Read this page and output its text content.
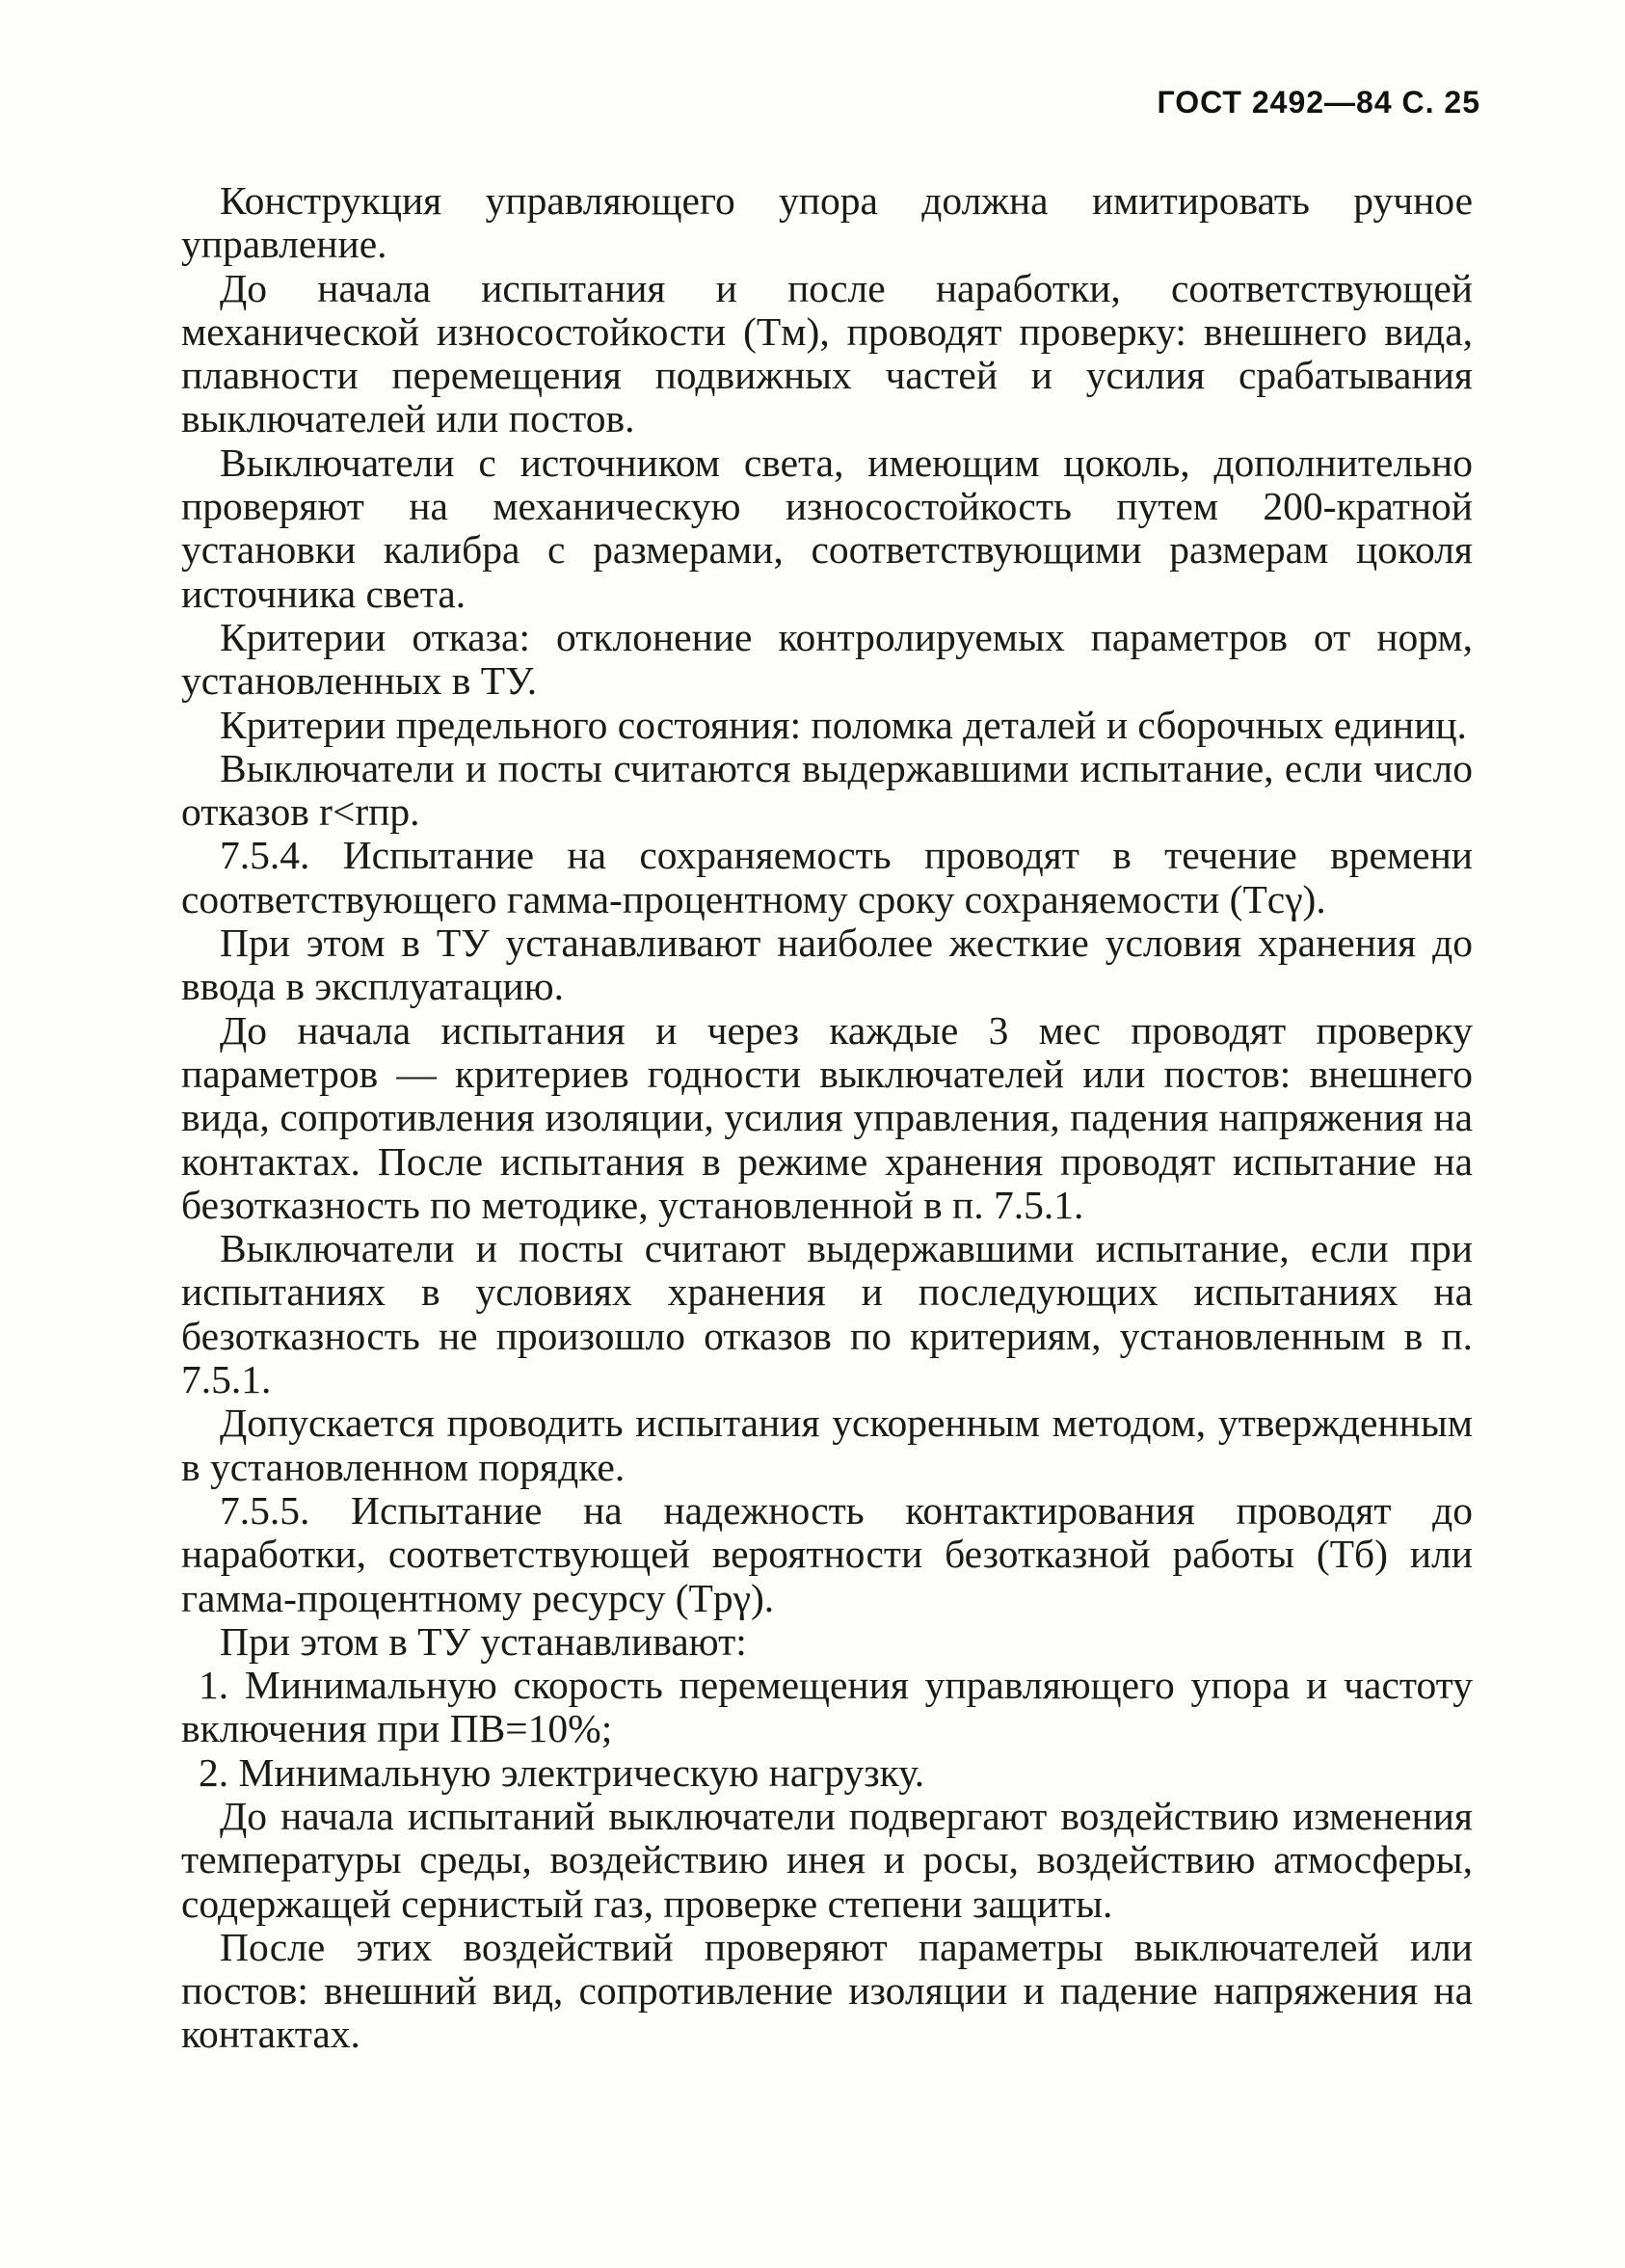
ГОСТ 2492—84 С. 25

Конструкция управляющего упора должна имитировать ручное управление.

До начала испытания и после наработки, соответствующей механической износостойкости (Tм), проводят проверку: внешнего вида, плавности перемещения подвижных частей и усилия срабатывания выключателей или постов.

Выключатели с источником света, имеющим цоколь, дополнительно проверяют на механическую износостойкость путем 200-кратной установки калибра с размерами, соответствующими размерам цоколя источника света.

Критерии отказа: отклонение контролируемых параметров от норм, установленных в ТУ.

Критерии предельного состояния: поломка деталей и сборочных единиц.

Выключатели и посты считаются выдержавшими испытание, если число отказов r<rпр.

7.5.4. Испытание на сохраняемость проводят в течение времени соответствующего гамма-процентному сроку сохраняемости (Tсγ).

При этом в ТУ устанавливают наиболее жесткие условия хранения до ввода в эксплуатацию.

До начала испытания и через каждые 3 мес проводят проверку параметров — критериев годности выключателей или постов: внешнего вида, сопротивления изоляции, усилия управления, падения напряжения на контактах. После испытания в режиме хранения проводят испытание на безотказность по методике, установленной в п. 7.5.1.

Выключатели и посты считают выдержавшими испытание, если при испытаниях в условиях хранения и последующих испытаниях на безотказность не произошло отказов по критериям, установленным в п. 7.5.1.

Допускается проводить испытания ускоренным методом, утвержденным в установленном порядке.

7.5.5. Испытание на надежность контактирования проводят до наработки, соответствующей вероятности безотказной работы (Tб) или гамма-процентному ресурсу (Tрγ).

При этом в ТУ устанавливают:

1. Минимальную скорость перемещения управляющего упора и частоту включения при ПВ=10%;

2. Минимальную электрическую нагрузку.

До начала испытаний выключатели подвергают воздействию изменения температуры среды, воздействию инея и росы, воздействию атмосферы, содержащей сернистый газ, проверке степени защиты.

После этих воздействий проверяют параметры выключателей или постов: внешний вид, сопротивление изоляции и падение напряжения на контактах.
